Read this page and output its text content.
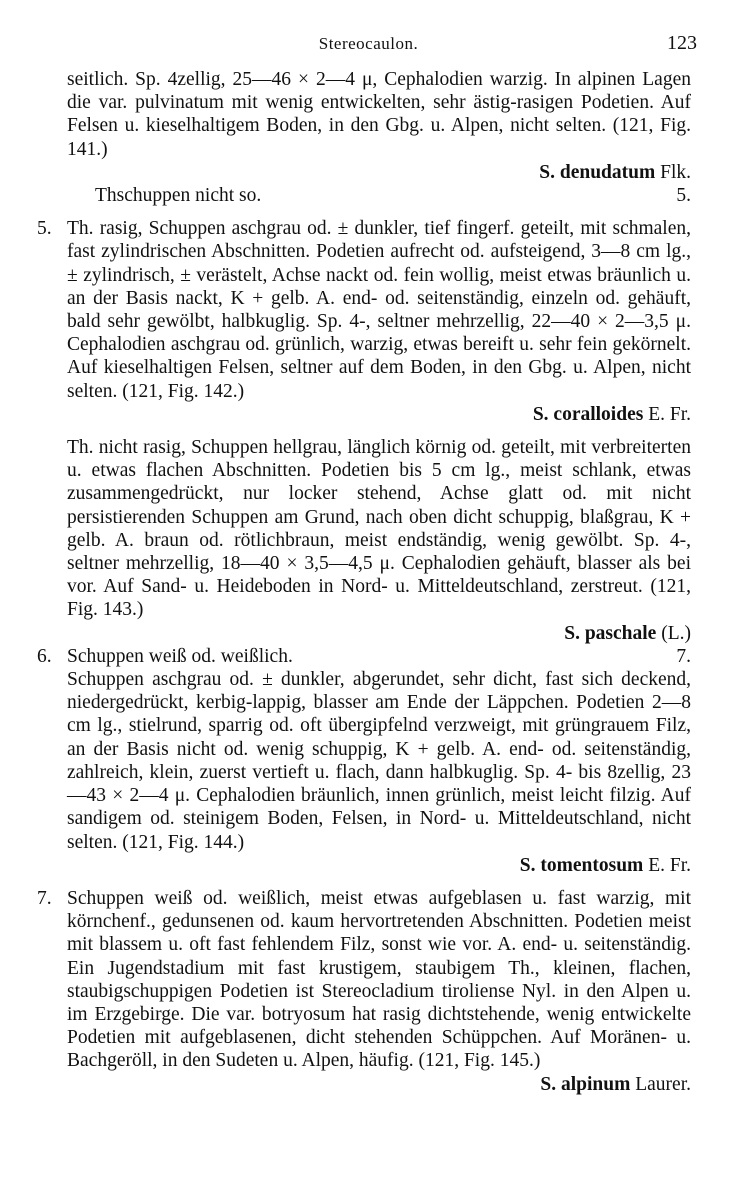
Stereocaulon.	123
seitlich. Sp. 4zellig, 25—46 × 2—4 μ, Cephalodien warzig. In alpinen Lagen die var. pulvinatum mit wenig entwickelten, sehr ästig-rasigen Podetien. Auf Felsen u. kieselhaltigem Boden, in den Gbg. u. Alpen, nicht selten. (121, Fig. 141.)
S. denudatum Flk.
Thschuppen nicht so.	5.
5. Th. rasig, Schuppen aschgrau od. ± dunkler, tief fingerf. geteilt, mit schmalen, fast zylindrischen Abschnitten. Podetien aufrecht od. aufsteigend, 3—8 cm lg., ± zylindrisch, ± verästelt, Achse nackt od. fein wollig, meist etwas bräunlich u. an der Basis nackt, K + gelb. A. end- od. seitenständig, einzeln od. gehäuft, bald sehr gewölbt, halbkuglig. Sp. 4-, seltner mehrzellig, 22—40 × 2—3,5 μ. Cephalodien aschgrau od. grünlich, warzig, etwas bereift u. sehr fein gekörnelt. Auf kieselhaltigen Felsen, seltner auf dem Boden, in den Gbg. u. Alpen, nicht selten. (121, Fig. 142.)
S. coralloides E. Fr.
Th. nicht rasig, Schuppen hellgrau, länglich körnig od. geteilt, mit verbreiterten u. etwas flachen Abschnitten. Podetien bis 5 cm lg., meist schlank, etwas zusammengedrückt, nur locker stehend, Achse glatt od. mit nicht persistierenden Schuppen am Grund, nach oben dicht schuppig, blaßgrau, K + gelb. A. braun od. rötlichbraun, meist endständig, wenig gewölbt. Sp. 4-, seltner mehrzellig, 18—40 × 3,5—4,5 μ. Cephalodien gehäuft, blasser als bei vor. Auf Sand- u. Heideboden in Nord- u. Mitteldeutschland, zerstreut. (121, Fig. 143.)
S. paschale (L.)
6. Schuppen weiß od. weißlich.	7.
Schuppen aschgrau od. ± dunkler, abgerundet, sehr dicht, fast sich deckend, niedergedrückt, kerbig-lappig, blasser am Ende der Läppchen. Podetien 2—8 cm lg., stielrund, sparrig od. oft übergipfelnd verzweigt, mit grüngrauem Filz, an der Basis nicht od. wenig schuppig, K + gelb. A. end- od. seitenständig, zahlreich, klein, zuerst vertieft u. flach, dann halbkuglig. Sp. 4- bis 8zellig, 23—43 × 2—4 μ. Cephalodien bräunlich, innen grünlich, meist leicht filzig. Auf sandigem od. steinigem Boden, Felsen, in Nord- u. Mitteldeutschland, nicht selten. (121, Fig. 144.)
S. tomentosum E. Fr.
7. Schuppen weiß od. weißlich, meist etwas aufgeblasen u. fast warzig, mit körnchenf., gedunsenen od. kaum hervortretenden Abschnitten. Podetien meist mit blassem u. oft fast fehlendem Filz, sonst wie vor. A. end- u. seitenständig. Ein Jugendstadium mit fast krustigem, staubigem Th., kleinen, flachen, staubigschuppigen Podetien ist Stereocladium tiroliense Nyl. in den Alpen u. im Erzgebirge. Die var. botryosum hat rasig dichtstehende, wenig entwickelte Podetien mit aufgeblasenen, dicht stehenden Schüppchen. Auf Moränen- u. Bachgeröll, in den Sudeten u. Alpen, häufig. (121, Fig. 145.)
S. alpinum Laurer.
